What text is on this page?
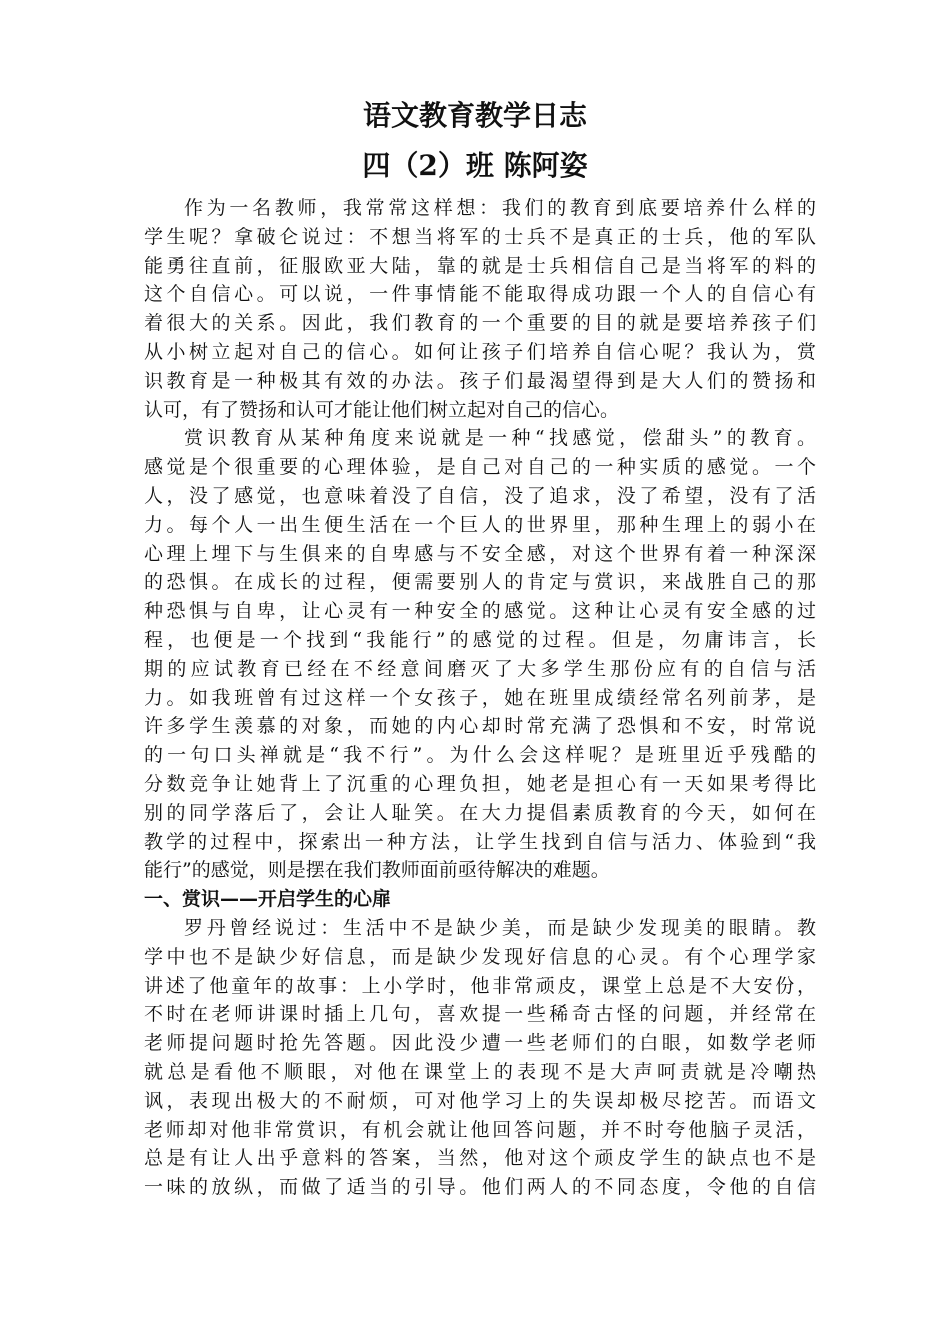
语文教育教学日志
四（2）班 陈阿姿
作为一名教师，我常常这样想：我们的教育到底要培养什么样的
学生呢？拿破仑说过：不想当将军的士兵不是真正的士兵，他的军队
能勇往直前，征服欧亚大陆，靠的就是士兵相信自己是当将军的料的
这个自信心。可以说，一件事情能不能取得成功跟一个人的自信心有
着很大的关系。因此，我们教育的一个重要的目的就是要培养孩子们
从小树立起对自己的信心。如何让孩子们培养自信心呢？我认为，赏
识教育是一种极其有效的办法。孩子们最渴望得到是大人们的赞扬和
认可，有了赞扬和认可才能让他们树立起对自己的信心。
赏识教育从某种角度来说就是一种“找感觉，偿甜头”的教育。
感觉是个很重要的心理体验，是自己对自己的一种实质的感觉。一个
人，没了感觉，也意味着没了自信，没了追求，没了希望，没有了活
力。每个人一出生便生活在一个巨人的世界里，那种生理上的弱小在
心理上埋下与生俱来的自卑感与不安全感，对这个世界有着一种深深
的恐惧。在成长的过程，便需要别人的肯定与赏识，来战胜自己的那
种恐惧与自卑，让心灵有一种安全的感觉。这种让心灵有安全感的过
程，也便是一个找到“我能行”的感觉的过程。但是，勿庸讳言，长
期的应试教育已经在不经意间磨灭了大多学生那份应有的自信与活
力。如我班曾有过这样一个女孩子，她在班里成绩经常名列前茅，是
许多学生羡慕的对象，而她的内心却时常充满了恐惧和不安，时常说
的一句口头禅就是“我不行”。为什么会这样呢？是班里近乎残酷的
分数竞争让她背上了沉重的心理负担，她老是担心有一天如果考得比
别的同学落后了，会让人耻笑。在大力提倡素质教育的今天，如何在
教学的过程中，探索出一种方法，让学生找到自信与活力、体验到“我
能行”的感觉，则是摆在我们教师面前亟待解决的难题。
一、赏识——开启学生的心扉
罗丹曾经说过：生活中不是缺少美，而是缺少发现美的眼睛。教
学中也不是缺少好信息，而是缺少发现好信息的心灵。有个心理学家
讲述了他童年的故事：上小学时，他非常顽皮，课堂上总是不大安份，
不时在老师讲课时插上几句，喜欢提一些稀奇古怪的问题，并经常在
老师提问题时抢先答题。因此没少遭一些老师们的白眼，如数学老师
就总是看他不顺眼，对他在课堂上的表现不是大声呵责就是冷嘲热
讽，表现出极大的不耐烦，可对他学习上的失误却极尽挖苦。而语文
老师却对他非常赏识，有机会就让他回答问题，并不时夸他脑子灵活，
总是有让人出乎意料的答案，当然，他对这个顽皮学生的缺点也不是
一味的放纵，而做了适当的引导。他们两人的不同态度，令他的自信
